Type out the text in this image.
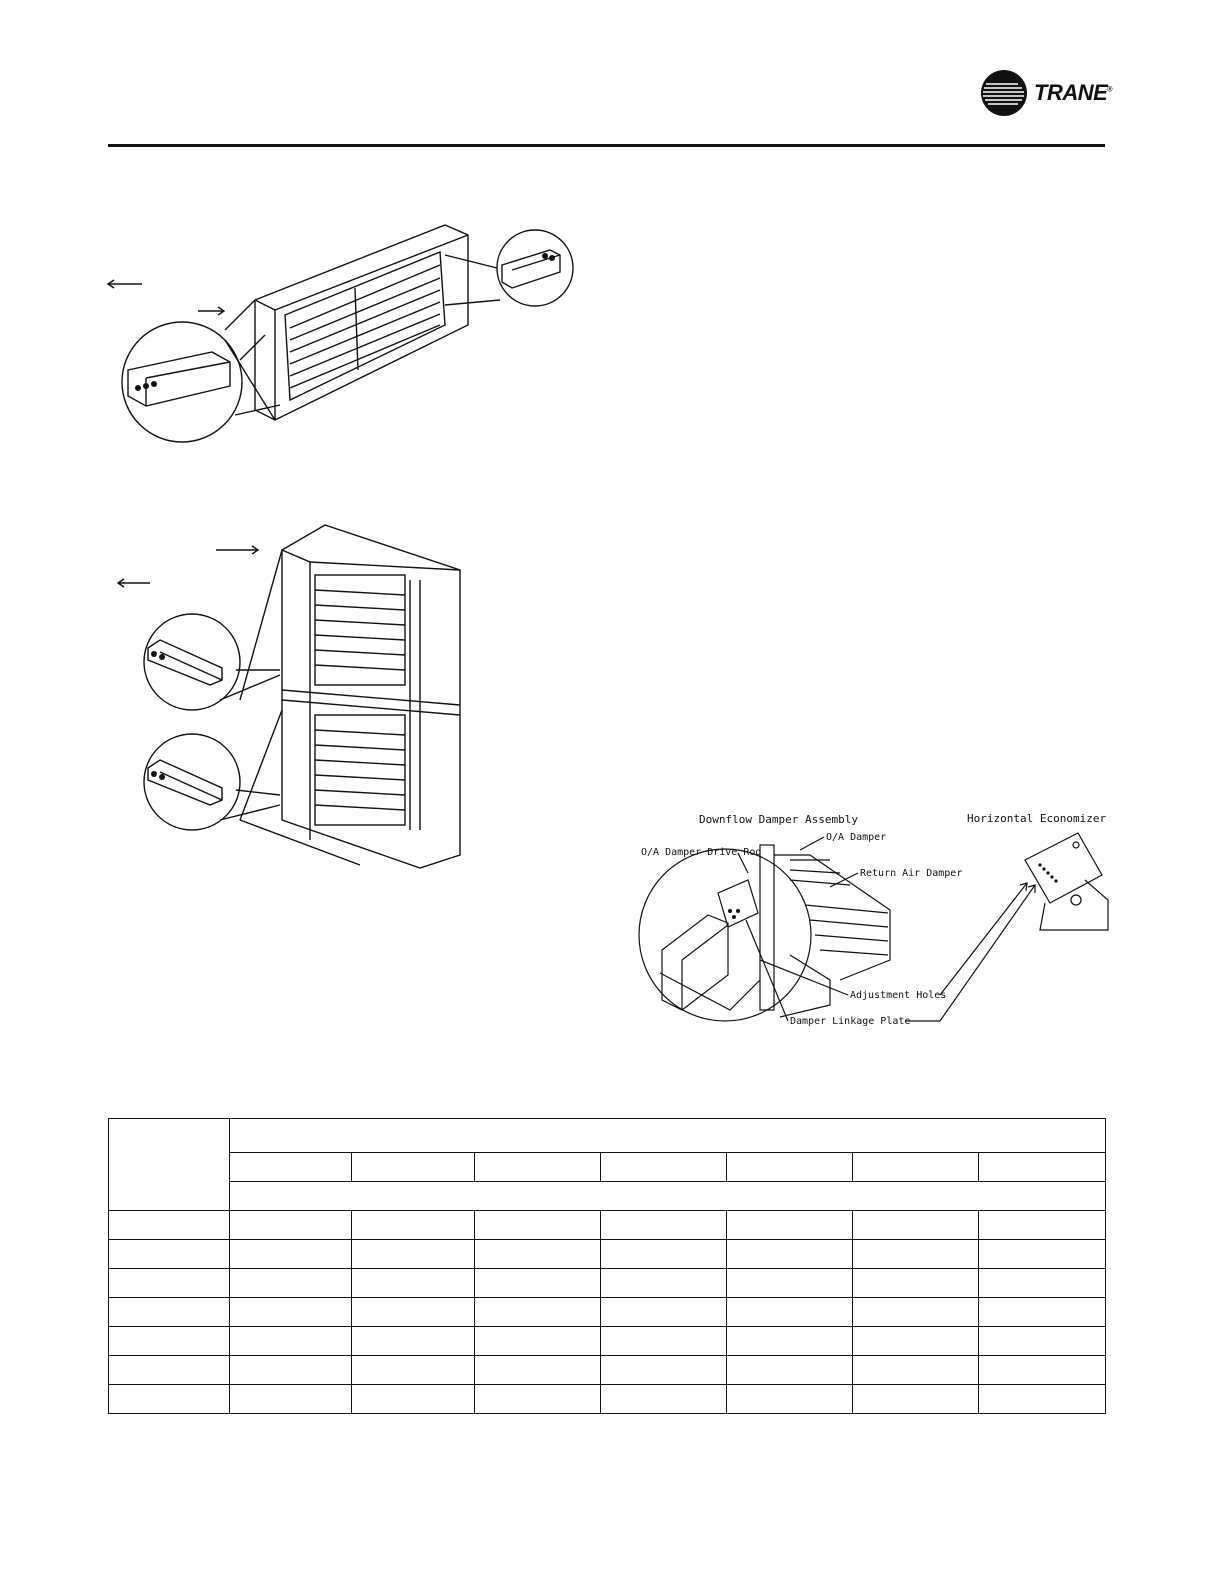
TRANE®
Downflow Damper Assembly	Horizontal Economizer
O/A Damper Drive Rod
O/A Damper
Return Air Damper
Adjustment Holes
Damper Linkage Plate
